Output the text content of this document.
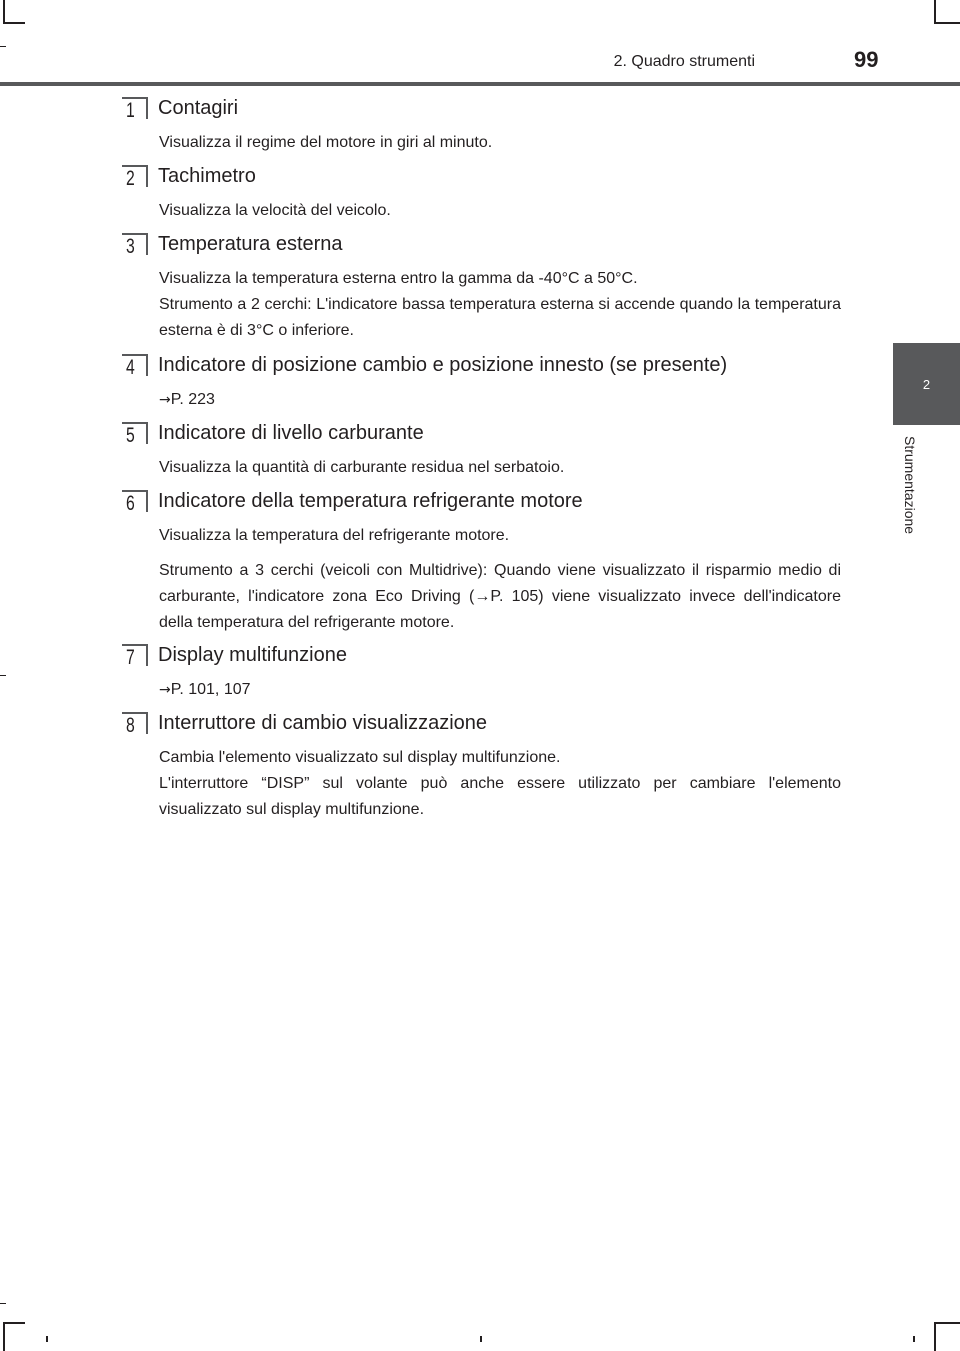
2. Quadro strumenti	99
2
Strumentazione
1 Contagiri

Visualizza il regime del motore in giri al minuto.

2 Tachimetro

Visualizza la velocità del veicolo.

3 Temperatura esterna

Visualizza la temperatura esterna entro la gamma da -40°C a 50°C.

Strumento a 2 cerchi: L'indicatore bassa temperatura esterna si accende quando la temperatura esterna è di 3°C o inferiore.

4 Indicatore di posizione cambio e posizione innesto (se presente)

→P. 223

5 Indicatore di livello carburante

Visualizza la quantità di carburante residua nel serbatoio.

6 Indicatore della temperatura refrigerante motore

Visualizza la temperatura del refrigerante motore.

Strumento a 3 cerchi (veicoli con Multidrive): Quando viene visualizzato il risparmio medio di carburante, l'indicatore zona Eco Driving (→P. 105) viene visualizzato invece dell'indicatore della temperatura del refrigerante motore.

7 Display multifunzione

→P. 101, 107

8 Interruttore di cambio visualizzazione

Cambia l'elemento visualizzato sul display multifunzione.

L'interruttore “DISP” sul volante può anche essere utilizzato per cambiare l'elemento visualizzato sul display multifunzione.
